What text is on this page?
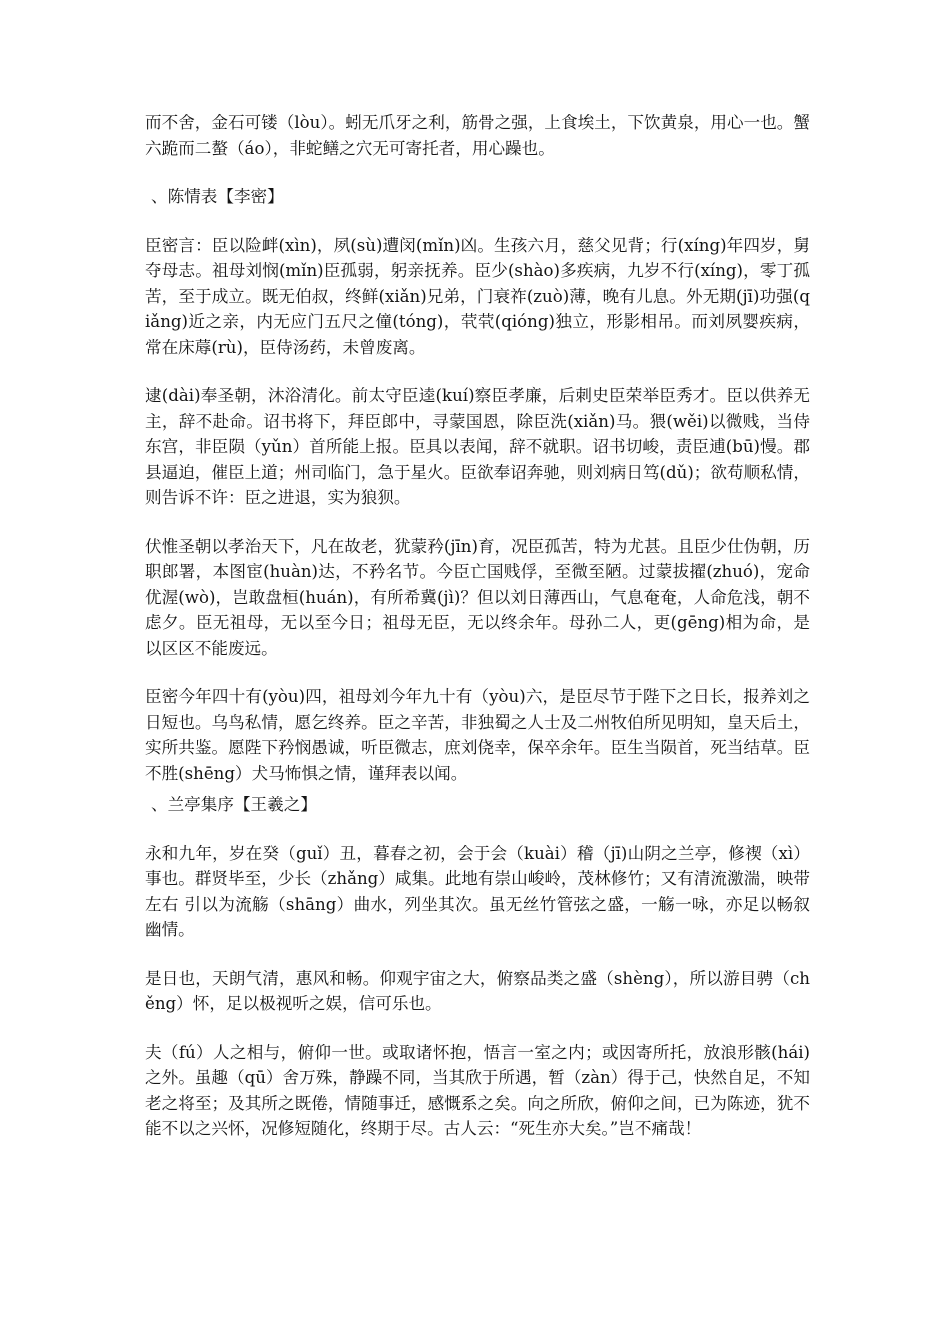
而不舍，金石可镂（lòu）。蚓无爪牙之利，筋骨之强，上食埃土，下饮黄泉，用心一也。蟹六跪而二螯（áo），非蛇鳝之穴无可寄托者，用心躁也。

、陈情表【李密】

臣密言：臣以险衅(xìn)，夙(sù)遭闵(mǐn)凶。生孩六月，慈父见背；行(xíng)年四岁，舅夺母志。祖母刘悯(mǐn)臣孤弱，躬亲抚养。臣少(shào)多疾病，九岁不行(xíng)，零丁孤苦，至于成立。既无伯叔，终鲜(xiǎn)兄弟，门衰祚(zuò)薄，晚有儿息。外无期(jī)功强(qiǎng)近之亲，内无应门五尺之僮(tóng)，茕茕(qióng)独立，形影相吊。而刘夙婴疾病，常在床蓐(rù)，臣侍汤药，未曾废离。

逮(dài)奉圣朝，沐浴清化。前太守臣逵(kuí)察臣孝廉，后刺史臣荣举臣秀才。臣以供养无主，辞不赴命。诏书将下，拜臣郎中，寻蒙国恩，除臣洗(xiǎn)马。猥(wěi)以微贱，当侍东宫，非臣陨（yǔn）首所能上报。臣具以表闻，辞不就职。诏书切峻，责臣逋(bū)慢。郡县逼迫，催臣上道；州司临门，急于星火。臣欲奉诏奔驰，则刘病日笃(dǔ)；欲苟顺私情，则告诉不许：臣之进退，实为狼狈。

伏惟圣朝以孝治天下，凡在故老，犹蒙矜(jīn)育，况臣孤苦，特为尤甚。且臣少仕伪朝，历职郎署，本图宦(huàn)达，不矜名节。今臣亡国贱俘，至微至陋。过蒙拔擢(zhuó)，宠命优渥(wò)，岂敢盘桓(huán)，有所希冀(jì)？但以刘日薄西山，气息奄奄，人命危浅，朝不虑夕。臣无祖母，无以至今日；祖母无臣，无以终余年。母孙二人，更(gēng)相为命，是以区区不能废远。

臣密今年四十有(yòu)四，祖母刘今年九十有（yòu)六，是臣尽节于陛下之日长，报养刘之日短也。乌鸟私情，愿乞终养。臣之辛苦，非独蜀之人士及二州牧伯所见明知，皇天后土，实所共鉴。愿陛下矜悯愚诚，听臣微志，庶刘侥幸，保卒余年。臣生当陨首，死当结草。臣不胜(shēng）犬马怖惧之情，谨拜表以闻。

、兰亭集序【王羲之】

永和九年，岁在癸（guǐ）丑，暮春之初，会于会（kuài）稽（jī)山阴之兰亭，修禊（xì）事也。群贤毕至，少长（zhǎng）咸集。此地有崇山峻岭，茂林修竹；又有清流激湍，映带左右 引以为流觞（shāng）曲水，列坐其次。虽无丝竹管弦之盛，一觞一咏，亦足以畅叙幽情。

是日也，天朗气清，惠风和畅。仰观宇宙之大，俯察品类之盛（shèng），所以游目骋（chěng）怀，足以极视听之娱，信可乐也。

夫（fú）人之相与，俯仰一世。或取诸怀抱，悟言一室之内；或因寄所托，放浪形骸(hái)之外。虽趣（qū）舍万殊，静躁不同，当其欣于所遇，暂（zàn）得于己，快然自足，不知老之将至；及其所之既倦，情随事迁，感慨系之矣。向之所欣，俯仰之间，已为陈迹，犹不能不以之兴怀，况修短随化，终期于尽。古人云：“死生亦大矣。”岂不痛哉！
